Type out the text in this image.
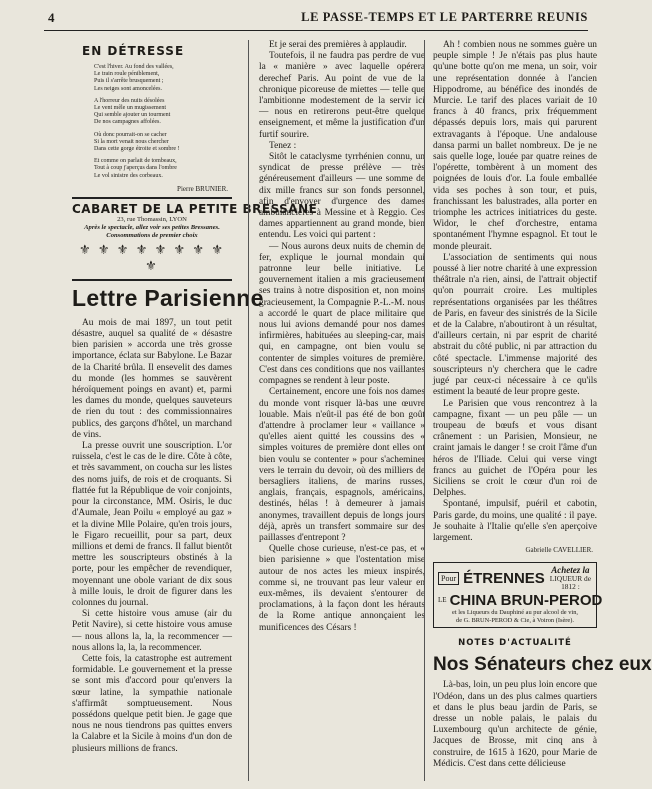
4	LE PASSE-TEMPS ET LE PARTERRE REUNIS
EN DÉTRESSE
C'est l'hiver. Au fond des vallées,
Le train roule péniblement,
Puis il s'arrête brusquement ;
Les neiges sont amoncelées.
A l'horreur des nuits désolées
Le vent mêle un mugissement
Qui semble ajouter un tourment
De nos campagnes affolées.
Où donc pourrait-on se cacher
Si la mort venait nous chercher
Dans cette gorge étroite et sombre !
Et comme on parlait de tombeaux,
Tout à coup j'aperçus dans l'ombre
Le vol sinistre des corbeaux.
Pierre BRUNIER.
CABARET DE LA PETITE BRESSANE
23, rue Thomassin, LYON
Après le spectacle, allez voir ses petites Bressanes.
Consommations de premier choix
⚜ ⚜ ⚜ ⚜ ⚜ ⚜ ⚜ ⚜ ⚜
Lettre Parisienne

Au mois de mai 1897, un tout petit désastre, auquel sa qualité de « désastre bien parisien » accorda une très grosse importance, éclata sur Babylone. Le Bazar de la Charité brûla. Il ensevelit des dames du monde (les hommes se sauvèrent héroïquement poings en avant) et, parmi les dames du monde, quelques sauveteurs de rien du tout : des commissionnaires publics, des garçons d'hôtel, un marchand de vins.

La presse ouvrit une souscription. L'or ruissela, c'est le cas de le dire. Côte à côte, et très savamment, on coucha sur les listes des noms juifs, de rois et de croquants. Si flattée fut la République de voir conjoints, pour la circonstance, MM. Osiris, le duc d'Aumale, Jean Poilu « employé au gaz » et la divine Mlle Polaire, qu'en trois jours, le Figaro recueillit, pour sa part, deux millions et demi de francs. Il fallut bientôt mettre les souscripteurs obstinés à la porte, pour les empêcher de revendiquer, moyennant une obole variant de dix sous à mille louis, le droit de figurer dans les colonnes du journal.

Si cette histoire vous amuse (air du Petit Navire), si cette histoire vous amuse — nous allons la, la, la recommencer — nous allons la, la, la recommencer.

Cette fois, la catastrophe est autrement formidable. Le gouvernement et la presse se sont mis d'accord pour qu'envers la sœur latine, la sympathie nationale s'affirmât somptueusement. Nous possédons quelque petit bien. Je gage que nous ne nous tiendrons pas quittes envers la Calabre et la Sicile à moins d'un don de plusieurs millions de francs.

Et je serai des premières à applaudir.

Toutefois, il ne faudra pas perdre de vue la « manière » avec laquelle opérera derechef Paris. Au point de vue de la chronique picoreuse de miettes — telle que l'ambitionne modestement de la servir ici — nous en retirerons peut-être quelque enseignement, et même la justification d'un furtif sourire.

Tenez :

Sitôt le cataclysme tyrrhénien connu, un syndicat de presse prélève — très généreusement d'ailleurs — une somme de dix mille francs sur son fonds personnel, afin d'envoyer d'urgence des dames ambulancières à Messine et à Reggio. Ces dames appartiennent au grand monde, bien entendu. Les voici qui partent :

— Nous aurons deux nuits de chemin de fer, explique le journal mondain qui patronne leur belle initiative. Le gouvernement italien a mis gracieusement ses trains à notre disposition et, non moins gracieusement, la Compagnie P.-L.-M. nous a accordé le quart de place militaire que nous lui avions demandé pour nos dames infirmières, habituées au sleeping-car, mais qui, en campagne, ont bien voulu se contenter de simples voitures de première. C'est dans ces conditions que nos vaillantes compagnes se rendent à leur poste.

Certainement, encore une fois nos dames du monde vont risquer là-bas une œuvre louable. Mais n'eût-il pas été de bon goût d'attendre à proclamer leur « vaillance » qu'elles aient quitté les coussins des « simples voitures de première dont elles ont bien voulu se contenter » pour s'acheminer vers le terrain du devoir, où des milliers de bersagliers italiens, de marins russes, anglais, français, espagnols, américains, destinés, hélas ! à demeurer à jamais anonymes, travaillent depuis de longs jours déjà, après un transfert sommaire sur des paillasses d'entrepont ?

Quelle chose curieuse, n'est-ce pas, et « bien parisienne » que l'ostentation mise autour de nos actes les mieux inspirés, comme si, ne trouvant pas leur valeur en eux-mêmes, ils devaient s'entourer de proclamations, à la façon dont les hérauts de la Rome antique annonçaient les munificences des Césars !

Ah ! combien nous ne sommes guère un peuple simple ! Je n'étais pas plus haute qu'une botte qu'on me mena, un soir, voir une représentation donnée à l'ancien Hippodrome, au bénéfice des inondés de Murcie. Le tarif des places variait de 10 francs à 40 francs, prix fréquemment dépassés depuis lors, mais qui parurent extravagants à l'époque. Une andalouse dansa parmi un ballet nombreux. De je ne sais quelle loge, louée par quatre reines de l'opérette, tombèrent à un moment des poignées de louis d'or. La foule emballée vida ses poches à son tour, et puis, franchissant les balustrades, alla porter en triomphe les actrices initiatrices du geste. Widor, le chef d'orchestre, entama spontanément l'hymne espagnol. Et tout le monde pleurait.

L'association de sentiments qui nous poussé à lier notre charité à une expression théâtrale n'a rien, ainsi, de l'attrait objectif qu'on pourrait croire. Les multiples représentations organisées par les théâtres de Paris, en faveur des sinistrés de la Sicile et de la Calabre, n'aboutiront à un résultat, d'ailleurs certain, ni par esprit de charité abstrait du côté public, ni par attraction du côté spectacle. L'immense majorité des souscripteurs n'y cherchera que le cadre jugé par ceux-ci nécessaire à ce qu'ils estiment la beauté de leur propre geste.

Le Parisien que vous rencontrez à la campagne, fixant — un peu pâle — un troupeau de bœufs et vous disant crânement : un Parisien, Monsieur, ne craint jamais le danger ! se croit l'âme d'un héros de l'Iliade. Celui qui verse vingt francs au guichet de l'Opéra pour les Siciliens se croit le cœur d'un roi de Delphes.

Spontané, impulsif, puéril et cabotin, Paris garde, du moins, une qualité : il paye. Je souhaite à l'Italie qu'elle s'en aperçoive largement.

Gabrielle CAVELLIER.
Pour ÉTRENNES Achetez la
LIQUEUR de 1812 :
LE CHINA BRUN-PEROD
et les Liqueurs du Dauphiné au pur alcool de vin,
de G. BRUN-PEROD & Cie, à Voiron (Isère).
NOTES D'ACTUALITÉ
Nos Sénateurs chez eux

Là-bas, loin, un peu plus loin encore que l'Odéon, dans un des plus calmes quartiers et dans le plus beau jardin de Paris, se dresse un noble palais, le palais du Luxembourg qu'un architecte de génie, Jacques de Brosse, mit cinq ans à construire, de 1615 à 1620, pour Marie de Médicis. C'est dans cette délicieuse
